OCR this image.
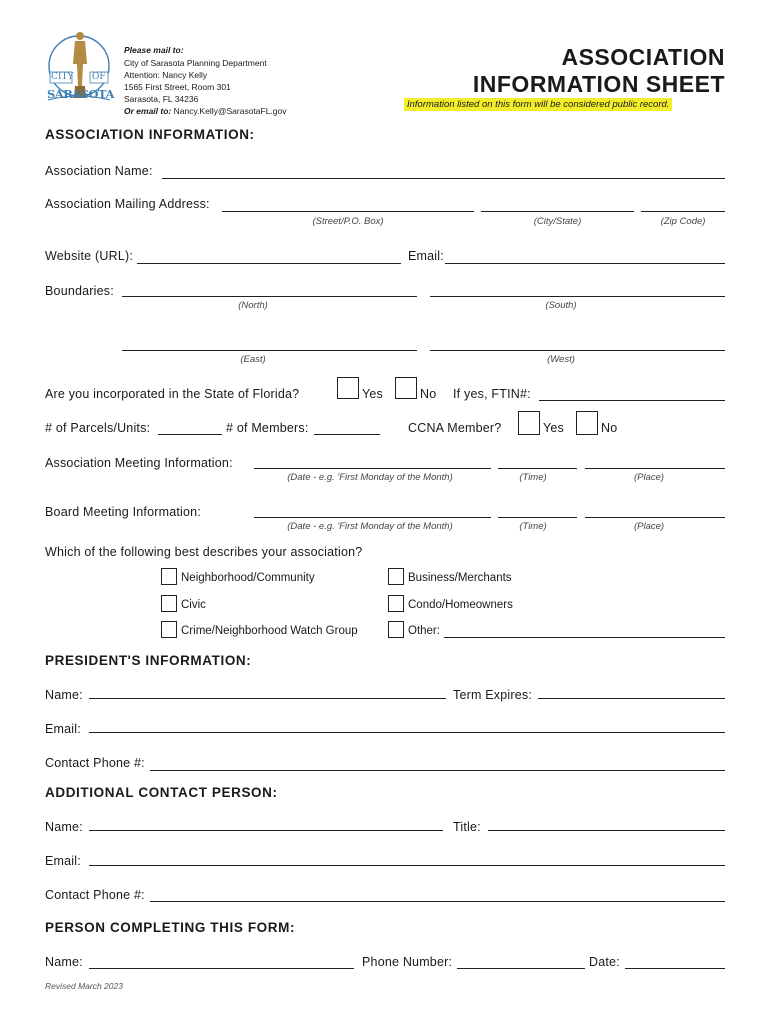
CITY OF
SARASOTA
Please mail to:
City of Sarasota Planning Department
Attention: Nancy Kelly
1565 First Street, Room 301
Sarasota, FL 34236
Or email to: Nancy.Kelly@SarasotaFL.gov
ASSOCIATION
INFORMATION SHEET
Information listed on this form will be considered public record.
ASSOCIATION INFORMATION:
Association Name:
Association Mailing Address:
(Street/P.O. Box)	(City/State)	(Zip Code)
Website (URL):	Email:
Boundaries:
(North)	(South)
(East)	(West)
Are you incorporated in the State of Florida?	Yes	No If yes, FTIN#:
# of Parcels/Units:	# of Members:	CCNA Member?	Yes	No
Association Meeting Information:
(Date - e.g. 'First Monday of the Month)	(Time)	(Place)
Board Meeting Information:
(Date - e.g. 'First Monday of the Month)	(Time)	(Place)
Which of the following best describes your association?
Neighborhood/Community
Civic
Crime/Neighborhood Watch Group
Business/Merchants
Condo/Homeowners
Other:
PRESIDENT'S INFORMATION:
Name:	Term Expires:
Email:
Contact Phone #:
ADDITIONAL CONTACT PERSON:
Name:	Title:
Email:
Contact Phone #:
PERSON COMPLETING THIS FORM:
Name:	Phone Number:	Date:
Revised March 2023
